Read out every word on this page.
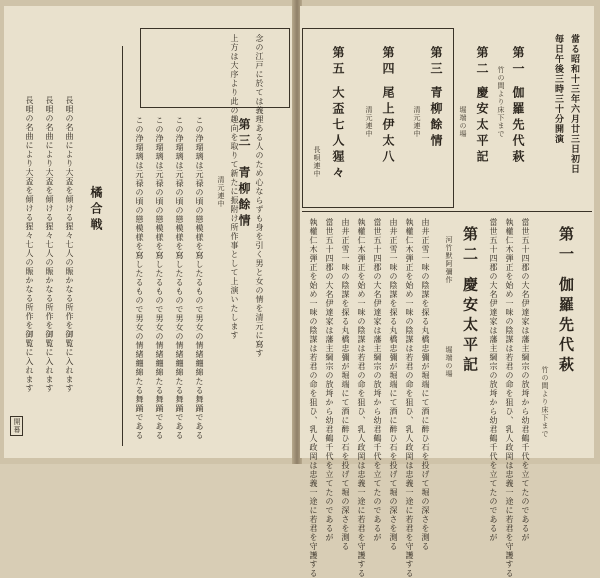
念の江戸に於ては義理ある人のため心ならずも身を引く男と女の情を清元に寫す
上方は大序より此の趣向を取りて新たに振附け所作事として上演いたします
第三
青柳餘情
清元連中
この浄瑠璃は元禄の頃の戀模様を寫したるもので男女の情緒纏綿たる舞踊である
この浄瑠璃は元禄の頃の戀模様を寫したるもので男女の情緒纏綿たる舞踊である
この浄瑠璃は元禄の頃の戀模様を寫したるもので男女の情緒纏綿たる舞踊である
この浄瑠璃は元禄の頃の戀模様を寫したるもので男女の情緒纏綿たる舞踊である
橘合戦
長唄の名曲により大盃を傾ける猩々七人の賑かなる所作を御覧に入れます
長唄の名曲により大盃を傾ける猩々七人の賑かなる所作を御覧に入れます
長唄の名曲により大盃を傾ける猩々七人の賑かなる所作を御覧に入れます
開幕
當る昭和十三年六月廿三日初日
毎日午後三時三十分開演
第一 伽羅先代萩
竹の間より床下まで
第二 慶安太平記
堀端の場
第三 青柳餘情
清元連中
第四 尾上伊太八
清元連中
第五 大盃七人猩々
長唄連中
第一 伽羅先代萩
竹の間より床下まで
當世五十四郡の大名伊達家は藩主綱宗の放埓から幼君鶴千代を立てたのであるが
執權仁木弾正を始め一味の陰謀は若君の命を狙ひ、乳人政岡は忠義一途に若君を守護する
當世五十四郡の大名伊達家は藩主綱宗の放埓から幼君鶴千代を立てたのであるが
第二 慶安太平記
河竹默阿彌作
堀端の場
由井正雪一味の陰謀を探る丸橋忠彌が堀端にて酒に醉ひ石を投げて堀の深さを測る
執權仁木弾正を始め一味の陰謀は若君の命を狙ひ、乳人政岡は忠義一途に若君を守護する
由井正雪一味の陰謀を探る丸橋忠彌が堀端にて酒に醉ひ石を投げて堀の深さを測る
當世五十四郡の大名伊達家は藩主綱宗の放埓から幼君鶴千代を立てたのであるが
執權仁木弾正を始め一味の陰謀は若君の命を狙ひ、乳人政岡は忠義一途に若君を守護する
由井正雪一味の陰謀を探る丸橋忠彌が堀端にて酒に醉ひ石を投げて堀の深さを測る
當世五十四郡の大名伊達家は藩主綱宗の放埓から幼君鶴千代を立てたのであるが
執權仁木弾正を始め一味の陰謀は若君の命を狙ひ、乳人政岡は忠義一途に若君を守護する
